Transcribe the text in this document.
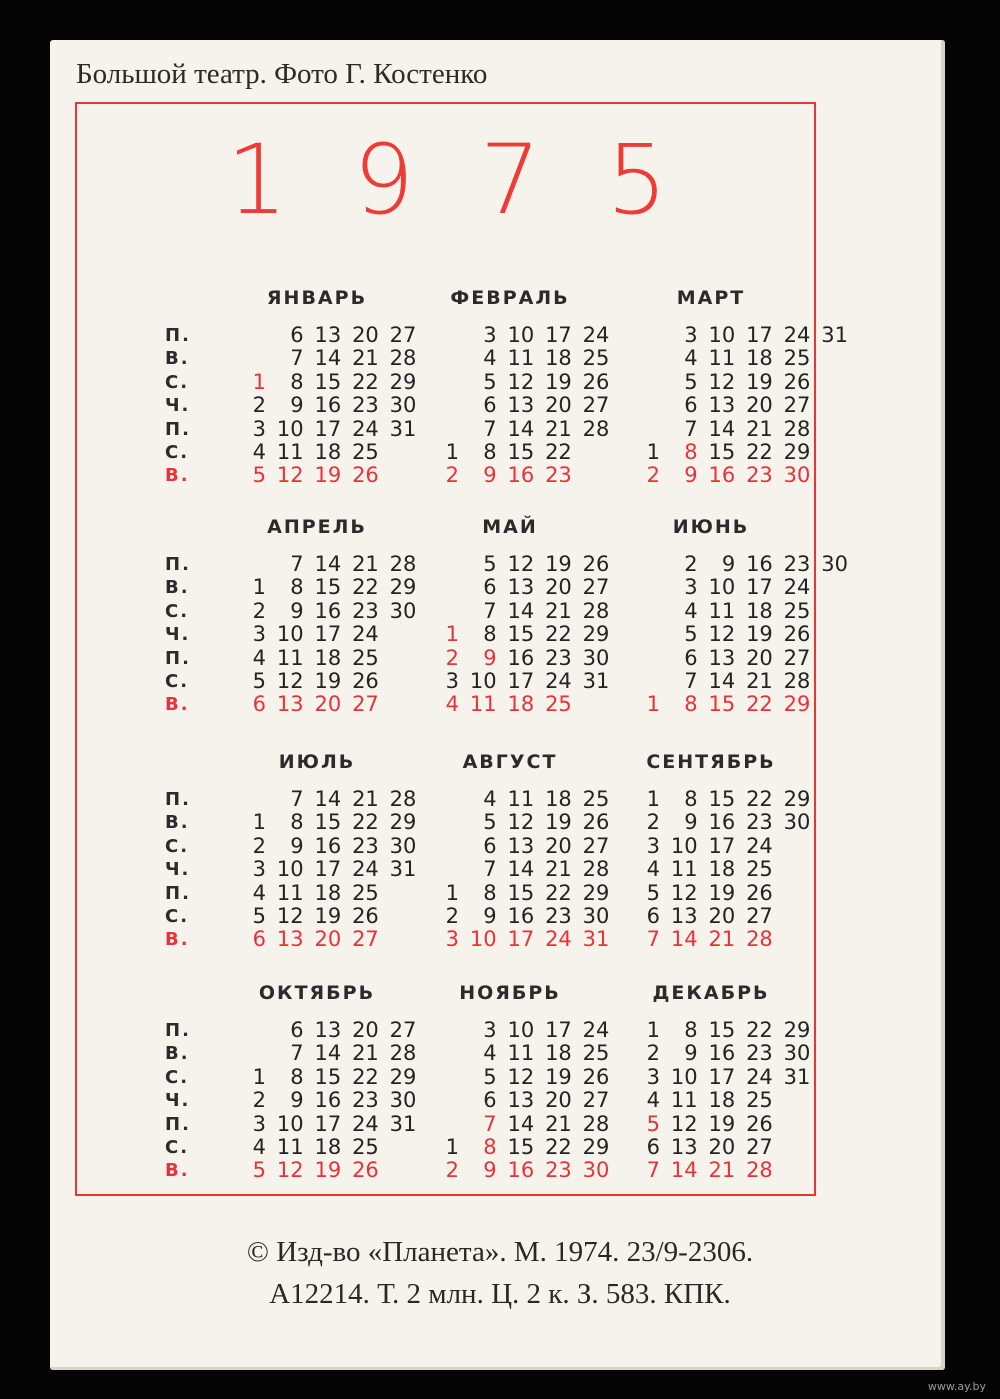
Большой театр. Фото Г. Костенко
1 9 7 5
П.
В.
С.
Ч.
П.
С.
В.
ЯНВАРЬ
1
2
3
4
5
6
7
8
9
10
11
12
13
14
15
16
17
18
19
20
21
22
23
24
25
26
27
28
29
30
31
ФЕВРАЛЬ
1
2
3
4
5
6
7
8
9
10
11
12
13
14
15
16
17
18
19
20
21
22
23
24
25
26
27
28
МАРТ
1
2
3
4
5
6
7
8
9
10
11
12
13
14
15
16
17
18
19
20
21
22
23
24
25
26
27
28
29
30
31
П.
В.
С.
Ч.
П.
С.
В.
АПРЕЛЬ
1
2
3
4
5
6
7
8
9
10
11
12
13
14
15
16
17
18
19
20
21
22
23
24
25
26
27
28
29
30
МАЙ
1
2
3
4
5
6
7
8
9
10
11
12
13
14
15
16
17
18
19
20
21
22
23
24
25
26
27
28
29
30
31
ИЮНЬ
1
2
3
4
5
6
7
8
9
10
11
12
13
14
15
16
17
18
19
20
21
22
23
24
25
26
27
28
29
30
П.
В.
С.
Ч.
П.
С.
В.
ИЮЛЬ
1
2
3
4
5
6
7
8
9
10
11
12
13
14
15
16
17
18
19
20
21
22
23
24
25
26
27
28
29
30
31
АВГУСТ
1
2
3
4
5
6
7
8
9
10
11
12
13
14
15
16
17
18
19
20
21
22
23
24
25
26
27
28
29
30
31
СЕНТЯБРЬ
1
2
3
4
5
6
7
8
9
10
11
12
13
14
15
16
17
18
19
20
21
22
23
24
25
26
27
28
29
30
П.
В.
С.
Ч.
П.
С.
В.
ОКТЯБРЬ
1
2
3
4
5
6
7
8
9
10
11
12
13
14
15
16
17
18
19
20
21
22
23
24
25
26
27
28
29
30
31
НОЯБРЬ
1
2
3
4
5
6
7
8
9
10
11
12
13
14
15
16
17
18
19
20
21
22
23
24
25
26
27
28
29
30
ДЕКАБРЬ
1
2
3
4
5
6
7
8
9
10
11
12
13
14
15
16
17
18
19
20
21
22
23
24
25
26
27
28
29
30
31
© Изд-во «Планета». М. 1974. 23/9-2306.
А12214. Т. 2 млн. Ц. 2 к. З. 583. КПК.
www.ay.by
